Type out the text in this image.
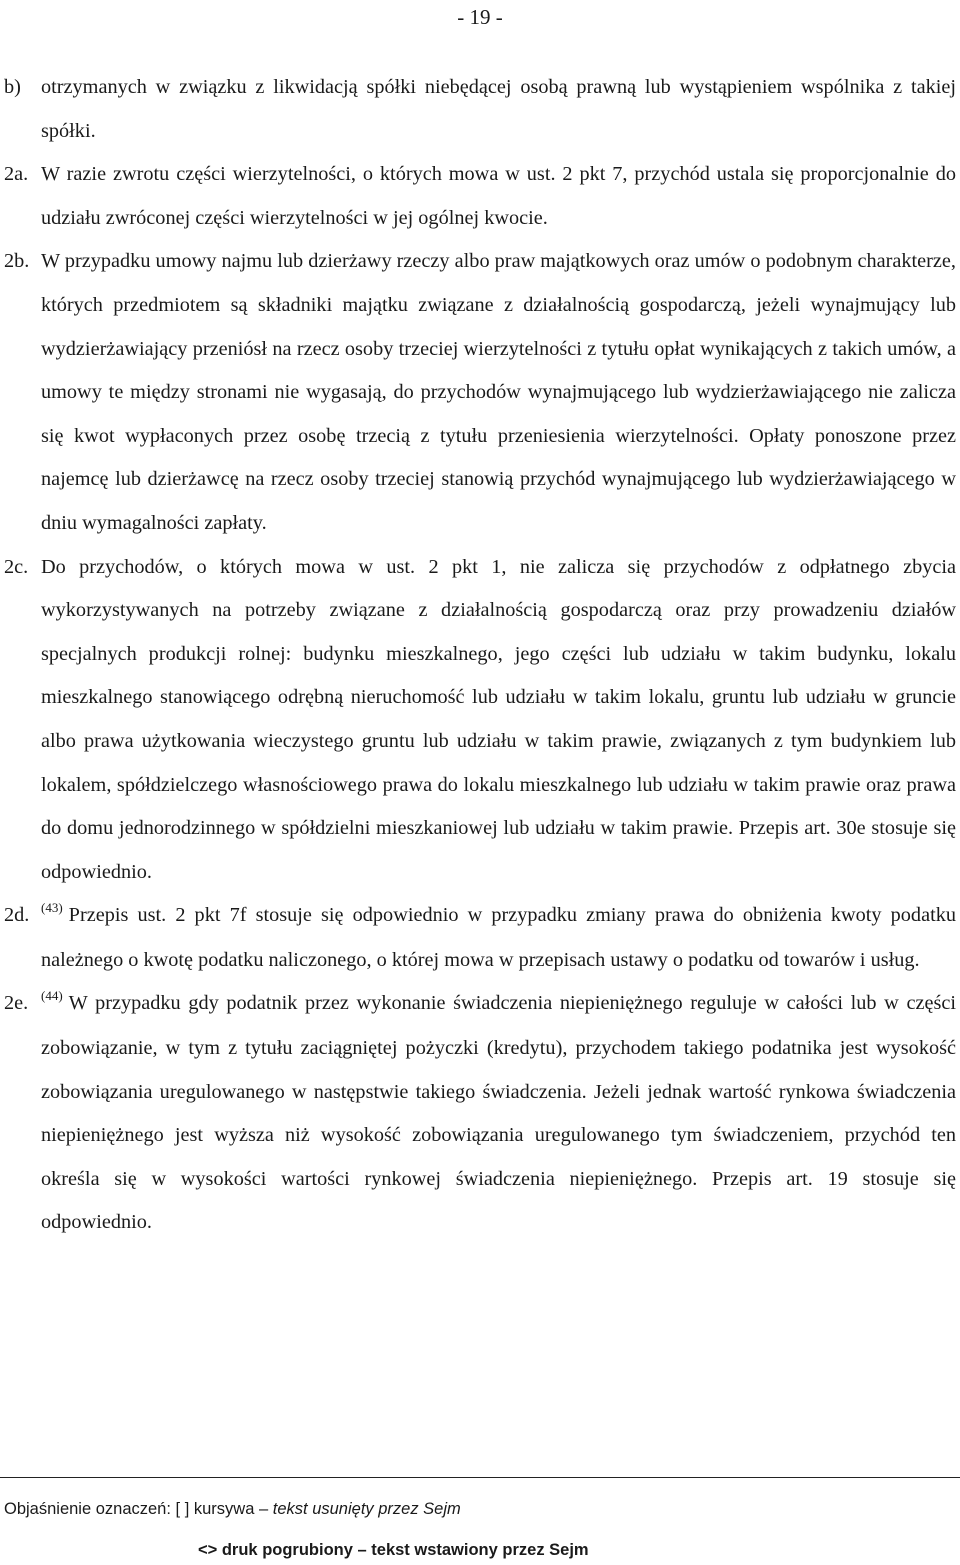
- 19 -

b) otrzymanych w związku z likwidacją spółki niebędącej osobą prawną lub wystąpieniem wspólnika z takiej spółki.

2a. W razie zwrotu części wierzytelności, o których mowa w ust. 2 pkt 7, przychód ustala się proporcjonalnie do udziału zwróconej części wierzytelności w jej ogólnej kwocie.

2b. W przypadku umowy najmu lub dzierżawy rzeczy albo praw majątkowych oraz umów o podobnym charakterze, których przedmiotem są składniki majątku związane z działalnością gospodarczą, jeżeli wynajmujący lub wydzierżawiający przeniósł na rzecz osoby trzeciej wierzytelności z tytułu opłat wynikających z takich umów, a umowy te między stronami nie wygasają, do przychodów wynajmującego lub wydzierżawiającego nie zalicza się kwot wypłaconych przez osobę trzecią z tytułu przeniesienia wierzytelności. Opłaty ponoszone przez najemcę lub dzierżawcę na rzecz osoby trzeciej stanowią przychód wynajmującego lub wydzierżawiającego w dniu wymagalności zapłaty.

2c. Do przychodów, o których mowa w ust. 2 pkt 1, nie zalicza się przychodów z odpłatnego zbycia wykorzystywanych na potrzeby związane z działalnością gospodarczą oraz przy prowadzeniu działów specjalnych produkcji rolnej: budynku mieszkalnego, jego części lub udziału w takim budynku, lokalu mieszkalnego stanowiącego odrębną nieruchomość lub udziału w takim lokalu, gruntu lub udziału w gruncie albo prawa użytkowania wieczystego gruntu lub udziału w takim prawie, związanych z tym budynkiem lub lokalem, spółdzielczego własnościowego prawa do lokalu mieszkalnego lub udziału w takim prawie oraz prawa do domu jednorodzinnego w spółdzielni mieszkaniowej lub udziału w takim prawie. Przepis art. 30e stosuje się odpowiednio.

2d. $^{(43)}$ Przepis ust. 2 pkt 7f stosuje się odpowiednio w przypadku zmiany prawa do obniżenia kwoty podatku należnego o kwotę podatku naliczonego, o której mowa w przepisach ustawy o podatku od towarów i usług.

2e. $^{(44)}$ W przypadku gdy podatnik przez wykonanie świadczenia niepieniężnego reguluje w całości lub w części zobowiązanie, w tym z tytułu zaciągniętej pożyczki (kredytu), przychodem takiego podatnika jest wysokość zobowiązania uregulowanego w następstwie takiego świadczenia. Jeżeli jednak wartość rynkowa świadczenia niepieniężnego jest wyższa niż wysokość zobowiązania uregulowanego tym świadczeniem, przychód ten określa się w wysokości wartości rynkowej świadczenia niepieniężnego. Przepis art. 19 stosuje się odpowiednio.

Objaśnienie oznaczeń: [ ] kursywa – tekst usunięty przez Sejm
<> druk pogrubiony – tekst wstawiony przez Sejm
